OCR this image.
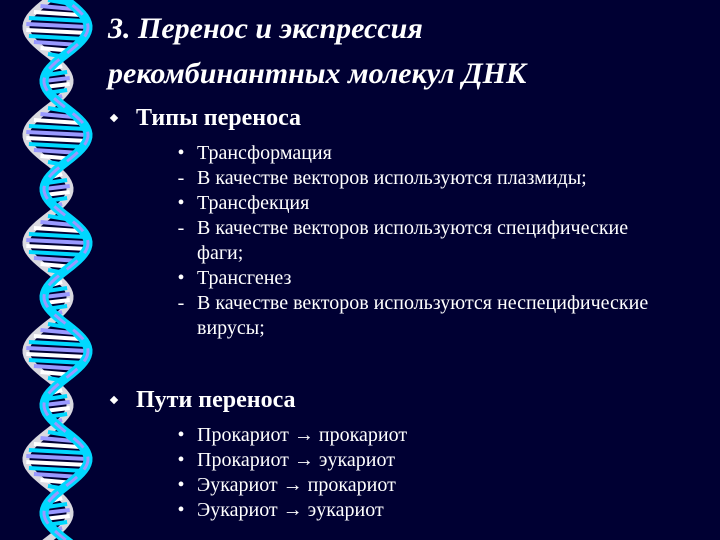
3. Перенос и экспрессия
рекомбинантных молекул ДНК
Типы переноса
• Трансформация
- В качестве векторов используются плазмиды;
• Трансфекция
- В качестве векторов используются специфические фаги;
• Трансгенез
- В качестве векторов используются неспецифические вирусы;
Пути переноса
• Прокариот → прокариот
• Прокариот → эукариот
• Эукариот → прокариот
• Эукариот → эукариот
